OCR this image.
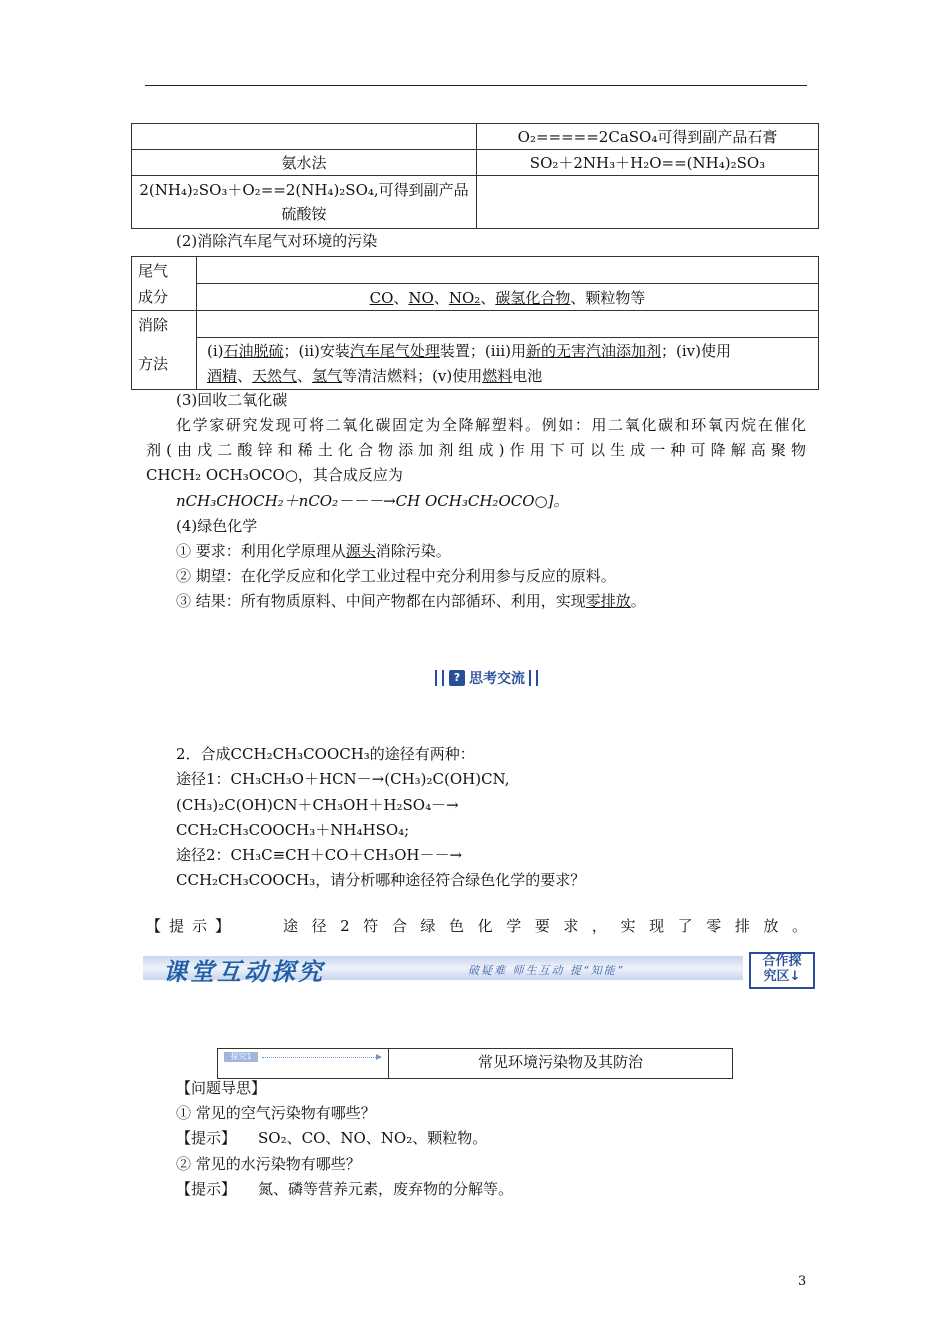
	O₂=====2CaSO₄可得到副产品石膏
氨水法	SO₂＋2NH₃＋H₂O==(NH₄)₂SO₃

2(NH₄)₂SO₃＋O₂==2(NH₄)₂SO₄,可得到副产品
硫酸铵	

(2)消除汽车尾气对环境的污染
尾气	
成分	CO、NO、NO₂、碳氢化合物、颗粒物等
消除	
方法	(ⅰ)石油脱硫；(ⅱ)安装汽车尾气处理装置；(ⅲ)用新的无害汽油添加剂；(ⅳ)使用
酒精、天然气、氢气等清洁燃料；(ⅴ)使用燃料电池
(3)回收二氧化碳
化学家研究发现可将二氧化碳固定为全降解塑料。例如：用二氧化碳和环氧丙烷在催化
剂(由戊二酸锌和稀土化合物添加剂组成)作用下可以生成一种可降解高聚物
CHCH₂ OCH₃OCO○，其合成反应为
nCH₃CHOCH₂＋nCO₂－－－→CH OCH₃CH₂OCO○]。
(4)绿色化学
① 要求：利用化学原理从源头消除污染。
② 期望：在化学反应和化学工业过程中充分利用参与反应的原料。
③ 结果：所有物质原料、中间产物都在内部循环、利用，实现零排放。
? 思考交流
2．合成CCH₂CH₃COOCH₃的途径有两种：
途径1：CH₃CH₃O＋HCN－→(CH₃)₂C(OH)CN,
(CH₃)₂C(OH)CN＋CH₃OH＋H₂SO₄－→
CCH₂CH₃COOCH₃＋NH₄HSO₄;
途径2：CH₃C≡CH＋CO＋CH₃OH－－→
CCH₂CH₃COOCH₃，请分析哪种途径符合绿色化学的要求？
【提示】	途径2符合绿色化学要求，实现了零排放。
课堂互动探究	破疑难 师生互动 提“知能”
合作探
究区↓
探究1	常见环境污染物及其防治
【问题导思】
① 常见的空气污染物有哪些？
【提示】 SO₂、CO、NO、NO₂、颗粒物。
② 常见的水污染物有哪些？
【提示】 氮、磷等营养元素，废弃物的分解等。
3
